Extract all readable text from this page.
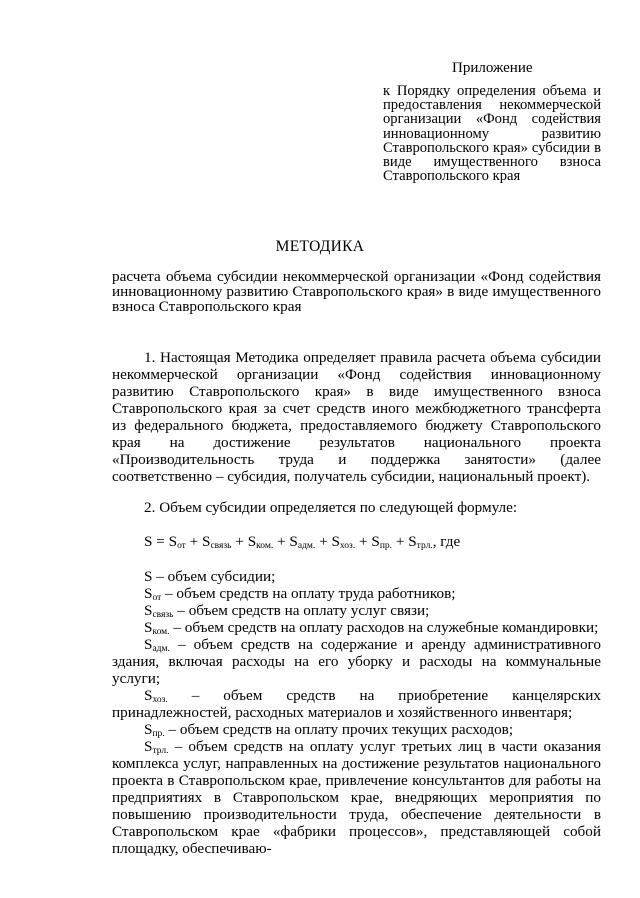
Приложение
к Порядку определения объема и предоставления некоммерческой организации «Фонд содействия инновационному развитию Ставропольского края» субсидии в виде имущественного взноса Ставропольского края
МЕТОДИКА
расчета объема субсидии некоммерческой организации «Фонд содействия инновационному развитию Ставропольского края» в виде имущественного взноса Ставропольского края
1. Настоящая Методика определяет правила расчета объема субсидии некоммерческой организации «Фонд содействия инновационному развитию Ставропольского края» в виде имущественного взноса Ставропольского края за счет средств иного межбюджетного трансферта из федерального бюджета, предоставляемого бюджету Ставропольского края на достижение результатов национального проекта «Производительность труда и поддержка занятости» (далее соответственно – субсидия, получатель субсидии, национальный проект).
2. Объем субсидии определяется по следующей формуле:
$S = S_{от} + S_{связь} + S_{ком.} + S_{адм.} + S_{хоз.} + S_{пр.} + S_{трл.}$, где

S – объем субсидии;

$S_{от}$ – объем средств на оплату труда работников;

$S_{связь}$ – объем средств на оплату услуг связи;

$S_{ком.}$ – объем средств на оплату расходов на служебные командировки;

$S_{адм.}$ – объем средств на содержание и аренду административного здания, включая расходы на его уборку и расходы на коммунальные услуги;

$S_{хоз.}$ – объем средств на приобретение канцелярских принадлежностей, расходных материалов и хозяйственного инвентаря;

$S_{пр.}$ – объем средств на оплату прочих текущих расходов;

$S_{трл.}$ – объем средств на оплату услуг третьих лиц в части оказания комплекса услуг, направленных на достижение результатов национального проекта в Ставропольском крае, привлечение консультантов для работы на предприятиях в Ставропольском крае, внедряющих мероприятия по повышению производительности труда, обеспечение деятельности в Ставропольском крае «фабрики процессов», представляющей собой площадку, обеспечиваю-
